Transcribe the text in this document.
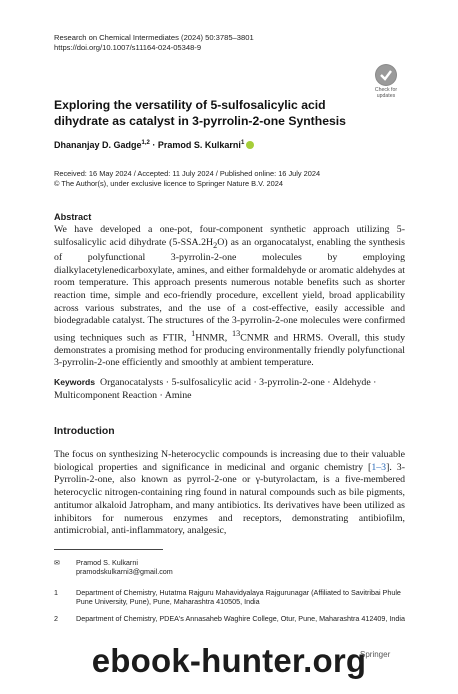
Research on Chemical Intermediates (2024) 50:3785–3801
https://doi.org/10.1007/s11164-024-05348-9
Check for
updates
Exploring the versatility of 5-sulfosalicylic acid dihydrate as catalyst in 3-pyrrolin-2-one Synthesis
Dhananjay D. Gadge$^{1,2}$ · Pramod S. Kulkarni$^1$
Received: 16 May 2024 / Accepted: 11 July 2024 / Published online: 16 July 2024
© The Author(s), under exclusive licence to Springer Nature B.V. 2024
Abstract

We have developed a one-pot, four-component synthetic approach utilizing 5-sulfosalicylic acid dihydrate $(5-SSA.2H_2O)$ as an organocatalyst, enabling the synthesis of polyfunctional 3-pyrrolin-2-one molecules by employing dialkylacetylenedicarboxylate, amines, and either formaldehyde or aromatic aldehydes at room temperature. This approach presents numerous notable benefits such as shorter reaction time, simple and eco-friendly procedure, excellent yield, broad applicability across various substrates, and the use of a cost-effective, easily accessible and biodegradable catalyst. The structures of the 3-pyrrolin-2-one molecules were confirmed using techniques such as FTIR, $^1$HNMR, $^{13}$CNMR and HRMS. Overall, this study demonstrates a promising method for producing environmentally friendly polyfunctional 3-pyrrolin-2-one efficiently and smoothly at ambient temperature.

Keywords Organocatalysts · 5-sulfosalicylic acid · 3-pyrrolin-2-one · Aldehyde · Multicomponent Reaction · Amine
Introduction

The focus on synthesizing N-heterocyclic compounds is increasing due to their valuable biological properties and significance in medicinal and organic chemistry [1–3]. 3-Pyrrolin-2-one, also known as pyrrol-2-one or γ-butyrolactam, is a five-membered heterocyclic nitrogen-containing ring found in natural compounds such as bile pigments, antitumor alkaloid Jatropham, and many antibiotics. Its derivatives have been utilized as inhibitors for numerous enzymes and receptors, demonstrating antibiofilm, antimicrobial, anti-inflammatory, analgesic,

✉	Pramod S. Kulkarni
pramodskulkarni3@gmail.com
1	Department of Chemistry, Hutatma Rajguru Mahavidyalaya Rajgurunagar (Affiliated to Savitribai Phule Pune University, Pune), Pune, Maharashtra 410505, India
2	Department of Chemistry, PDEA's Annasaheb Waghire College, Otur, Pune, Maharashtra 412409, India
Springer
ebook-hunter.org
